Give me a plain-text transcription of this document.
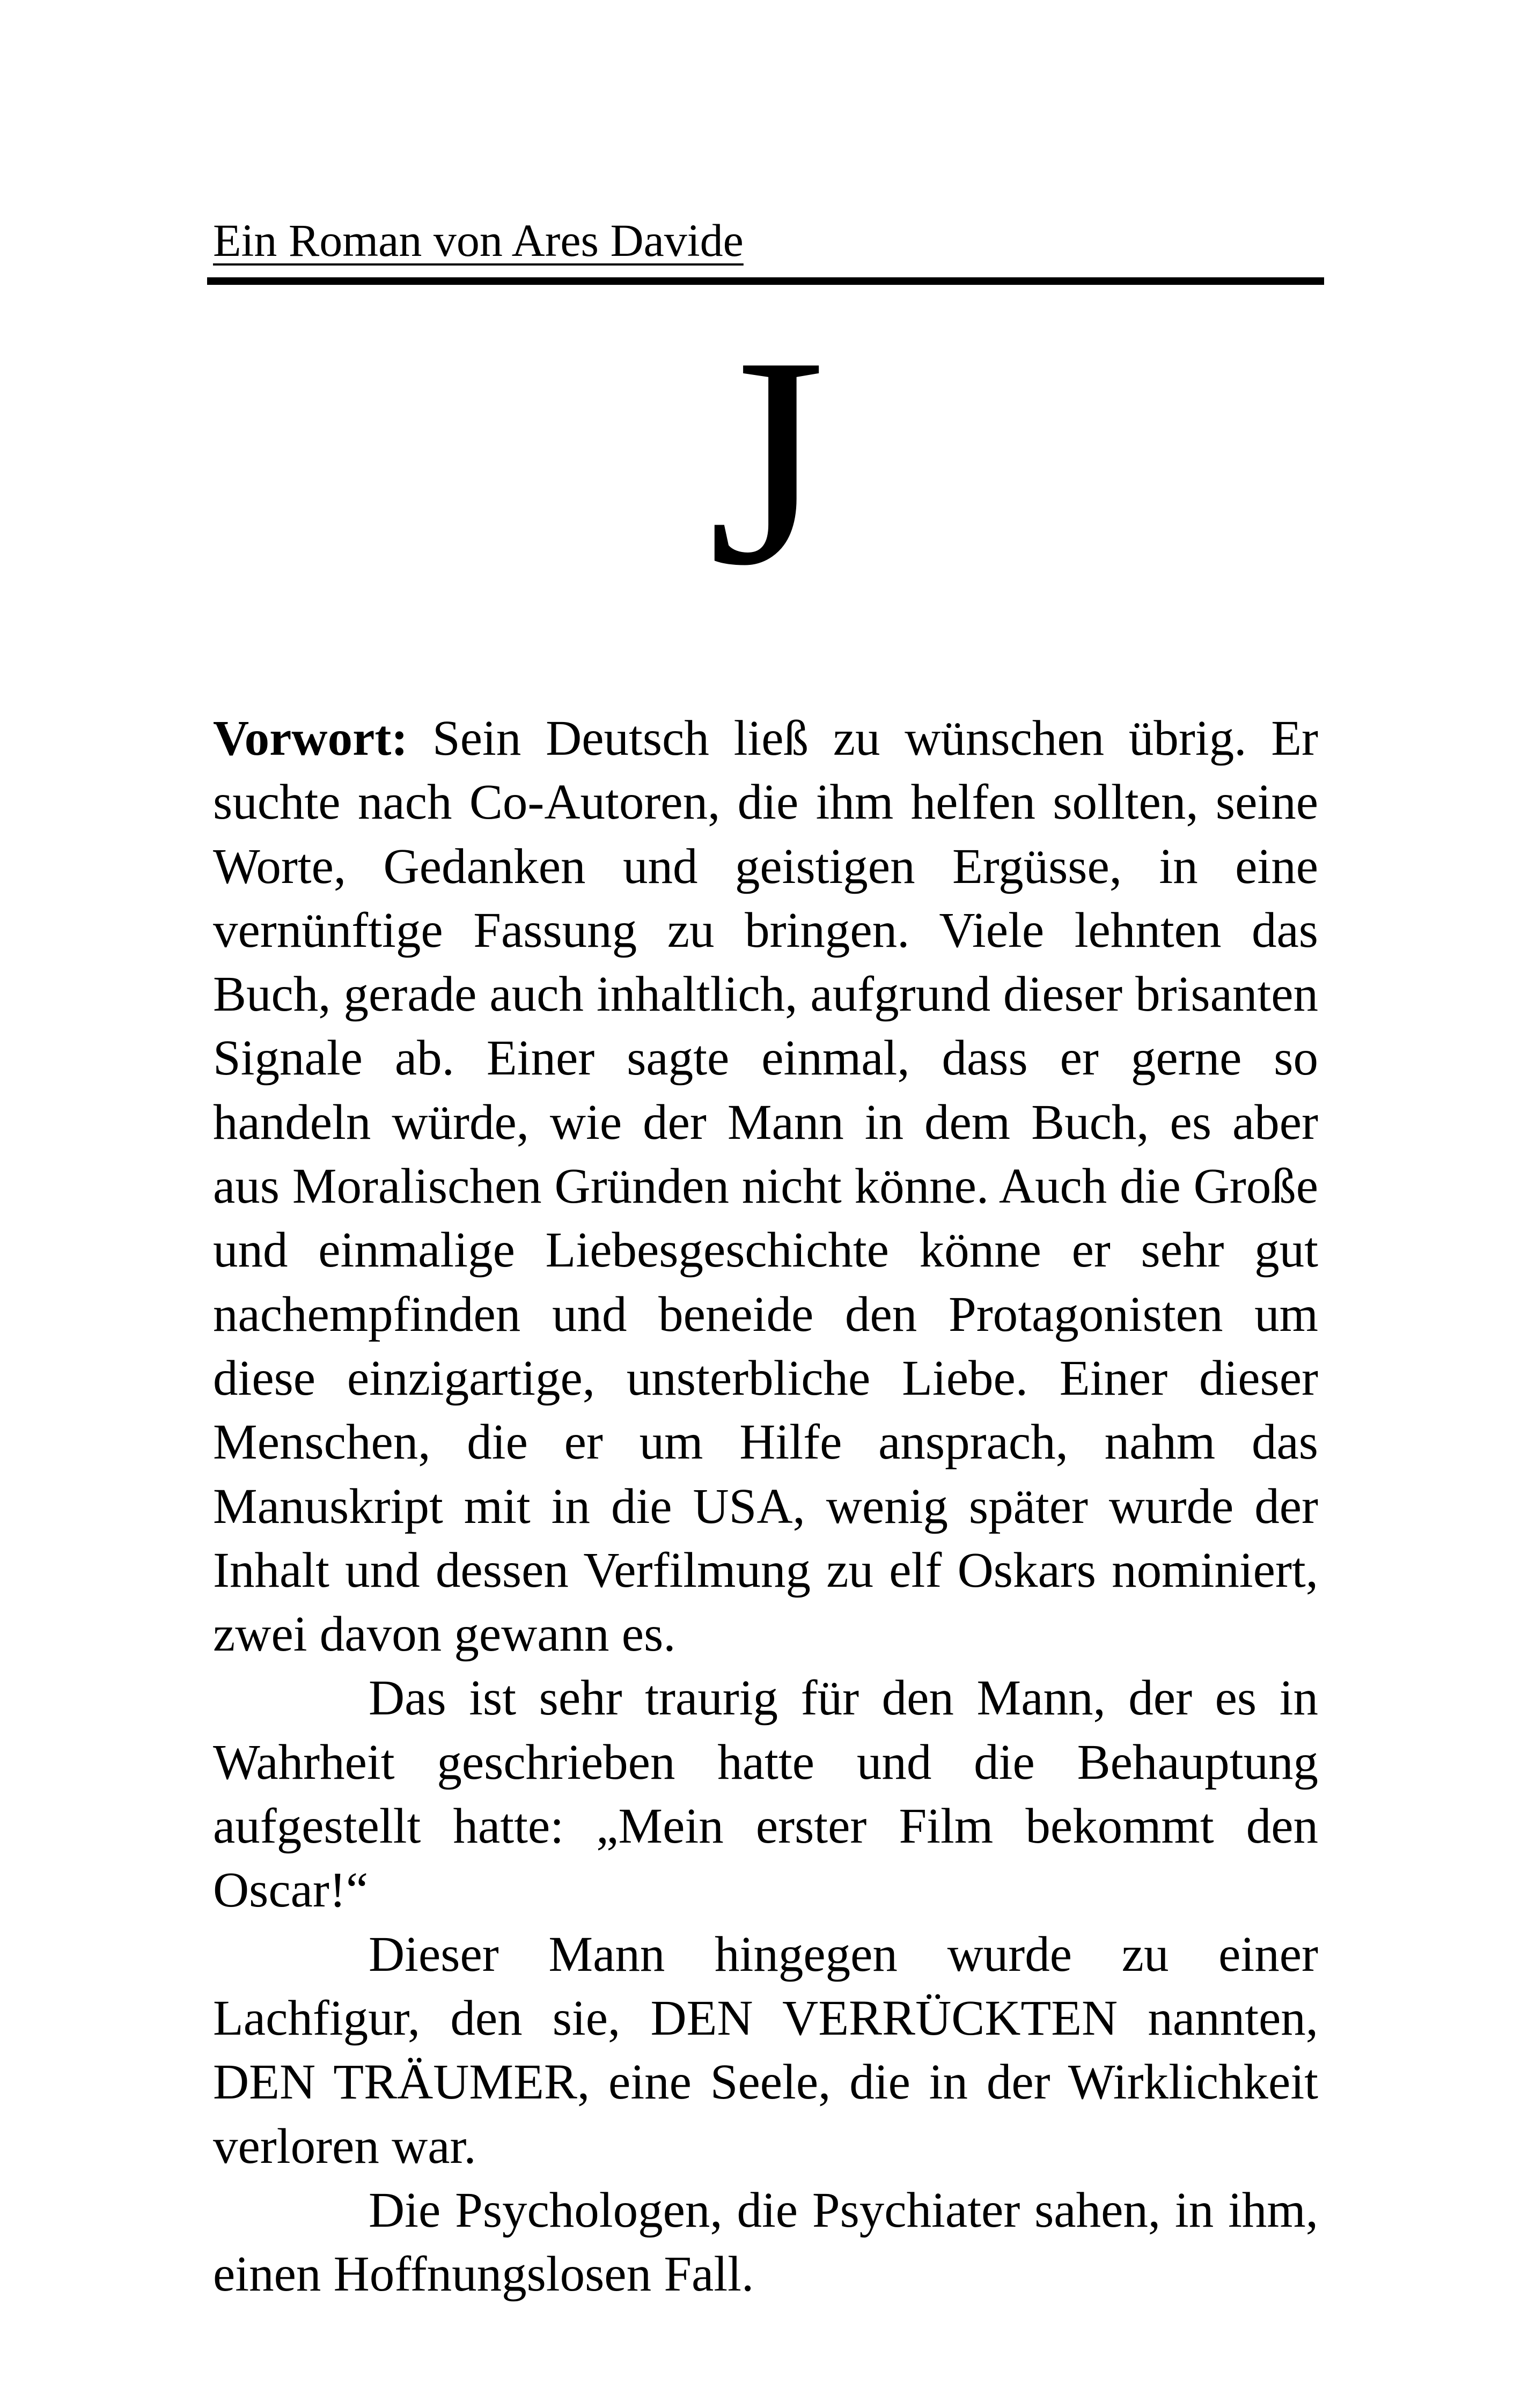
Ein Roman von Ares Davide
J

Vorwort: Sein Deutsch ließ zu wünschen übrig. Er suchte nach Co-Autoren, die ihm helfen sollten, seine Worte, Gedanken und geistigen Ergüsse, in eine vernünftige Fassung zu bringen. Viele lehnten das Buch, gerade auch inhaltlich, aufgrund dieser brisanten Signale ab. Einer sagte einmal, dass er gerne so handeln würde, wie der Mann in dem Buch, es aber aus Moralischen Gründen nicht könne. Auch die Große und einmalige Liebesgeschichte könne er sehr gut nachempfinden und beneide den Protagonisten um diese einzigartige, unsterbliche Liebe. Einer dieser Menschen, die er um Hilfe ansprach, nahm das Manuskript mit in die USA, wenig später wurde der Inhalt und dessen Verfilmung zu elf Oskars nominiert, zwei davon gewann es.

Das ist sehr traurig für den Mann, der es in Wahrheit geschrieben hatte und die Behauptung aufgestellt hatte: „Mein erster Film bekommt den Oscar!“

Dieser Mann hingegen wurde zu einer Lachfigur, den sie, DEN VERRÜCKTEN nannten, DEN TRÄUMER, eine Seele, die in der Wirklichkeit verloren war.

Die Psychologen, die Psychiater sahen, in ihm, einen Hoffnungslosen Fall.
